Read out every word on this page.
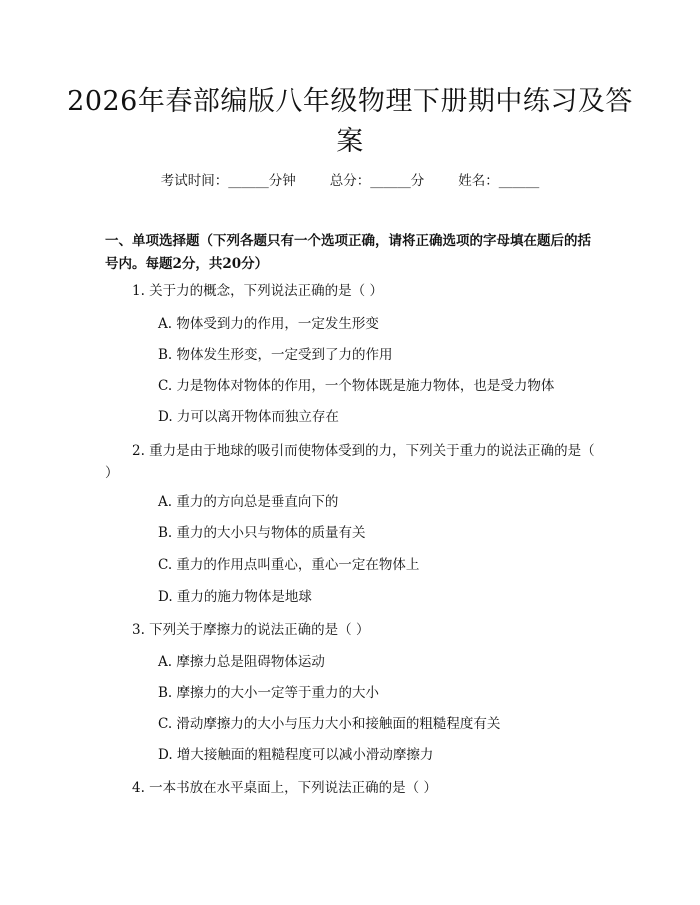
2026年春部编版八年级物理下册期中练习及答案
考试时间：______分钟	总分：______分	姓名：______
一、单项选择题（下列各题只有一个选项正确，请将正确选项的字母填在题后的括号内。每题2分，共20分）
1. 关于力的概念，下列说法正确的是（ ）
A. 物体受到力的作用，一定发生形变
B. 物体发生形变，一定受到了力的作用
C. 力是物体对物体的作用，一个物体既是施力物体，也是受力物体
D. 力可以离开物体而独立存在
2. 重力是由于地球的吸引而使物体受到的力，下列关于重力的说法正确的是（ ）
A. 重力的方向总是垂直向下的
B. 重力的大小只与物体的质量有关
C. 重力的作用点叫重心，重心一定在物体上
D. 重力的施力物体是地球
3. 下列关于摩擦力的说法正确的是（ ）
A. 摩擦力总是阻碍物体运动
B. 摩擦力的大小一定等于重力的大小
C. 滑动摩擦力的大小与压力大小和接触面的粗糙程度有关
D. 增大接触面的粗糙程度可以减小滑动摩擦力
4. 一本书放在水平桌面上，下列说法正确的是（ ）
